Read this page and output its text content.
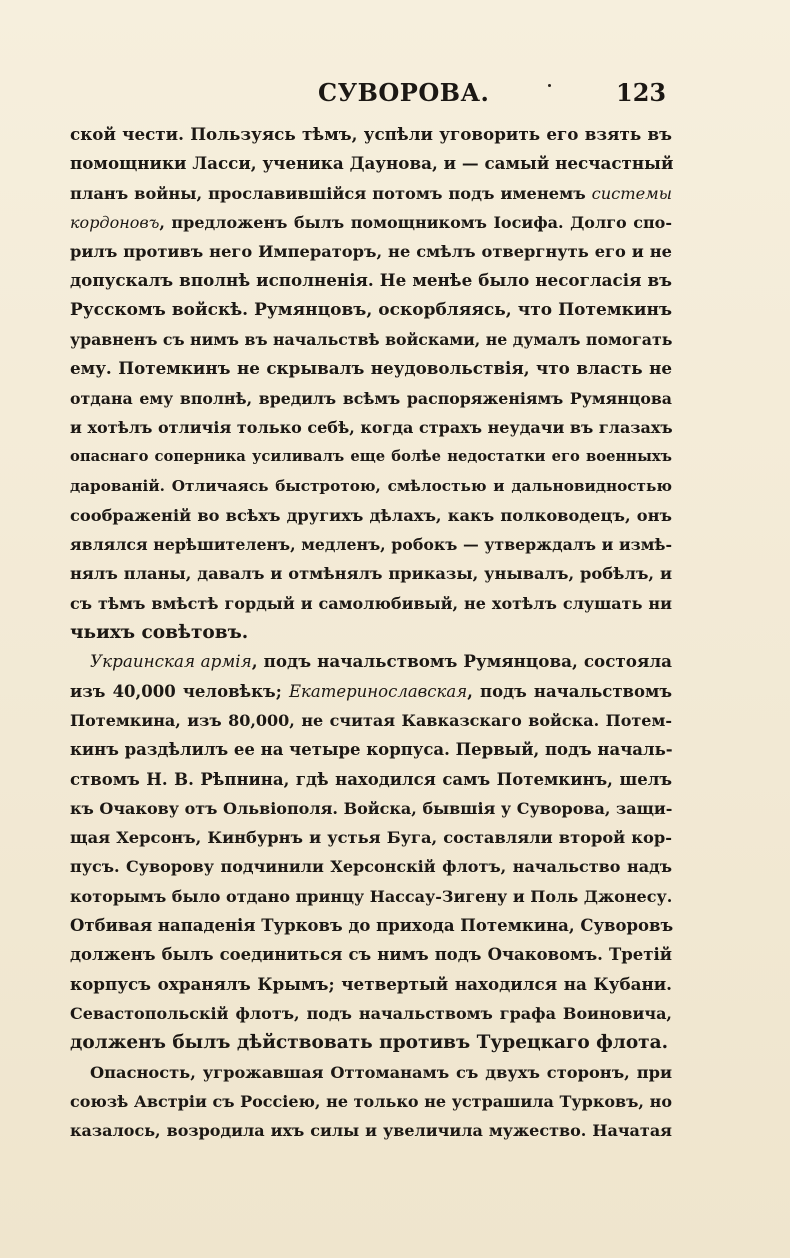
СУВОРОВА.	123
ской чести. Пользуясь тѣмъ, успѣли уговорить его взять въ
помощники Ласси, ученика Даунова, и — самый несчастный
планъ войны, прославившійся потомъ подъ именемъ системы
кордоновъ, предложенъ былъ помощникомъ Іосифа. Долго спо-
рилъ противъ него Императоръ, не смѣлъ отвергнуть его и не
допускалъ вполнѣ исполненія. Не менѣе было несогласія въ
Русскомъ войскѣ. Румянцовъ, оскорбляясь, что Потемкинъ
уравненъ съ нимъ въ начальствѣ войсками, не думалъ помогать
ему. Потемкинъ не скрывалъ неудовольствія, что власть не
отдана ему вполнѣ, вредилъ всѣмъ распоряженіямъ Румянцова
и хотѣлъ отличія только себѣ, когда страхъ неудачи въ глазахъ
опаснаго соперника усиливалъ еще болѣе недостатки его военныхъ
дарованій. Отличаясь быстротою, смѣлостью и дальновидностью
соображеній во всѣхъ другихъ дѣлахъ, какъ полководецъ, онъ
являлся нерѣшителенъ, медленъ, робокъ — утверждалъ и измѣ-
нялъ планы, давалъ и отмѣнялъ приказы, унывалъ, робѣлъ, и
съ тѣмъ вмѣстѣ гордый и самолюбивый, не хотѣлъ слушать ни
чьихъ совѣтовъ.
Украинская армія, подъ начальствомъ Румянцова, состояла
изъ 40,000 человѣкъ; Екатеринославская, подъ начальствомъ
Потемкина, изъ 80,000, не считая Кавказскаго войска. Потем-
кинъ раздѣлилъ ее на четыре корпуса. Первый, подъ началь-
ствомъ Н. В. Рѣпнина, гдѣ находился самъ Потемкинъ, шелъ
къ Очакову отъ Ольвіополя. Войска, бывшія у Суворова, защи-
щая Херсонъ, Кинбурнъ и устья Буга, составляли второй кор-
пусъ. Суворову подчинили Херсонскій флотъ, начальство надъ
которымъ было отдано принцу Нассау-Зигену и Поль Джонесу.
Отбивая нападенія Турковъ до прихода Потемкина, Суворовъ
долженъ былъ соединиться съ нимъ подъ Очаковомъ. Третій
корпусъ охранялъ Крымъ; четвертый находился на Кубани.
Севастопольскій флотъ, подъ начальствомъ графа Воиновича,
долженъ былъ дѣйствовать противъ Турецкаго флота.
Опасность, угрожавшая Оттоманамъ съ двухъ сторонъ, при
союзѣ Австріи съ Россіею, не только не устрашила Турковъ, но
казалось, возродила ихъ силы и увеличила мужество. Начатая
